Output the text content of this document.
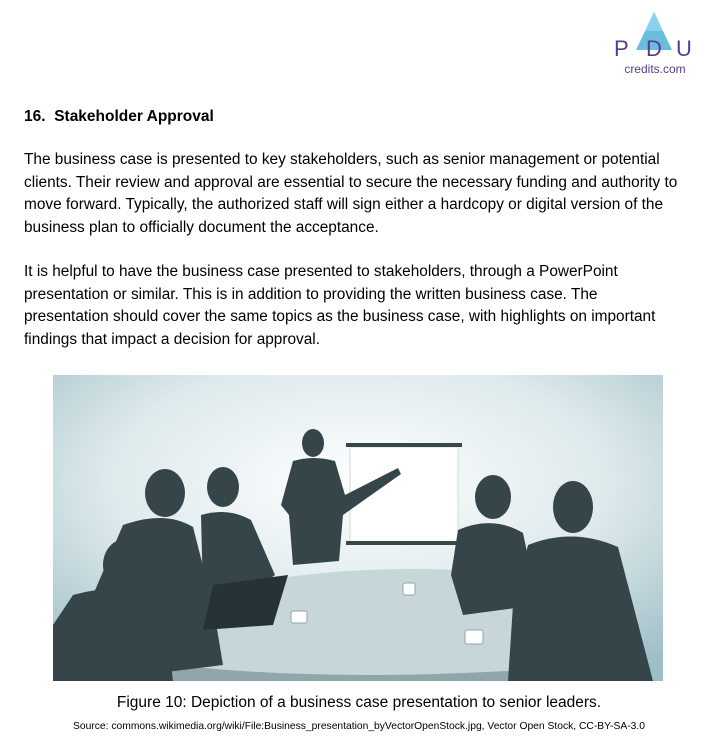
P D U
credits.com
16. Stakeholder Approval

The business case is presented to key stakeholders, such as senior management or potential clients. Their review and approval are essential to secure the necessary funding and authority to move forward. Typically, the authorized staff will sign either a hardcopy or digital version of the business plan to officially document the acceptance.

It is helpful to have the business case presented to stakeholders, through a PowerPoint presentation or similar. This is in addition to providing the written business case. The presentation should cover the same topics as the business case, with highlights on important findings that impact a decision for approval.

Figure 10: Depiction of a business case presentation to senior leaders.

Source: commons.wikimedia.org/wiki/File:Business_presentation_byVectorOpenStock.jpg, Vector Open Stock, CC-BY-SA-3.0
